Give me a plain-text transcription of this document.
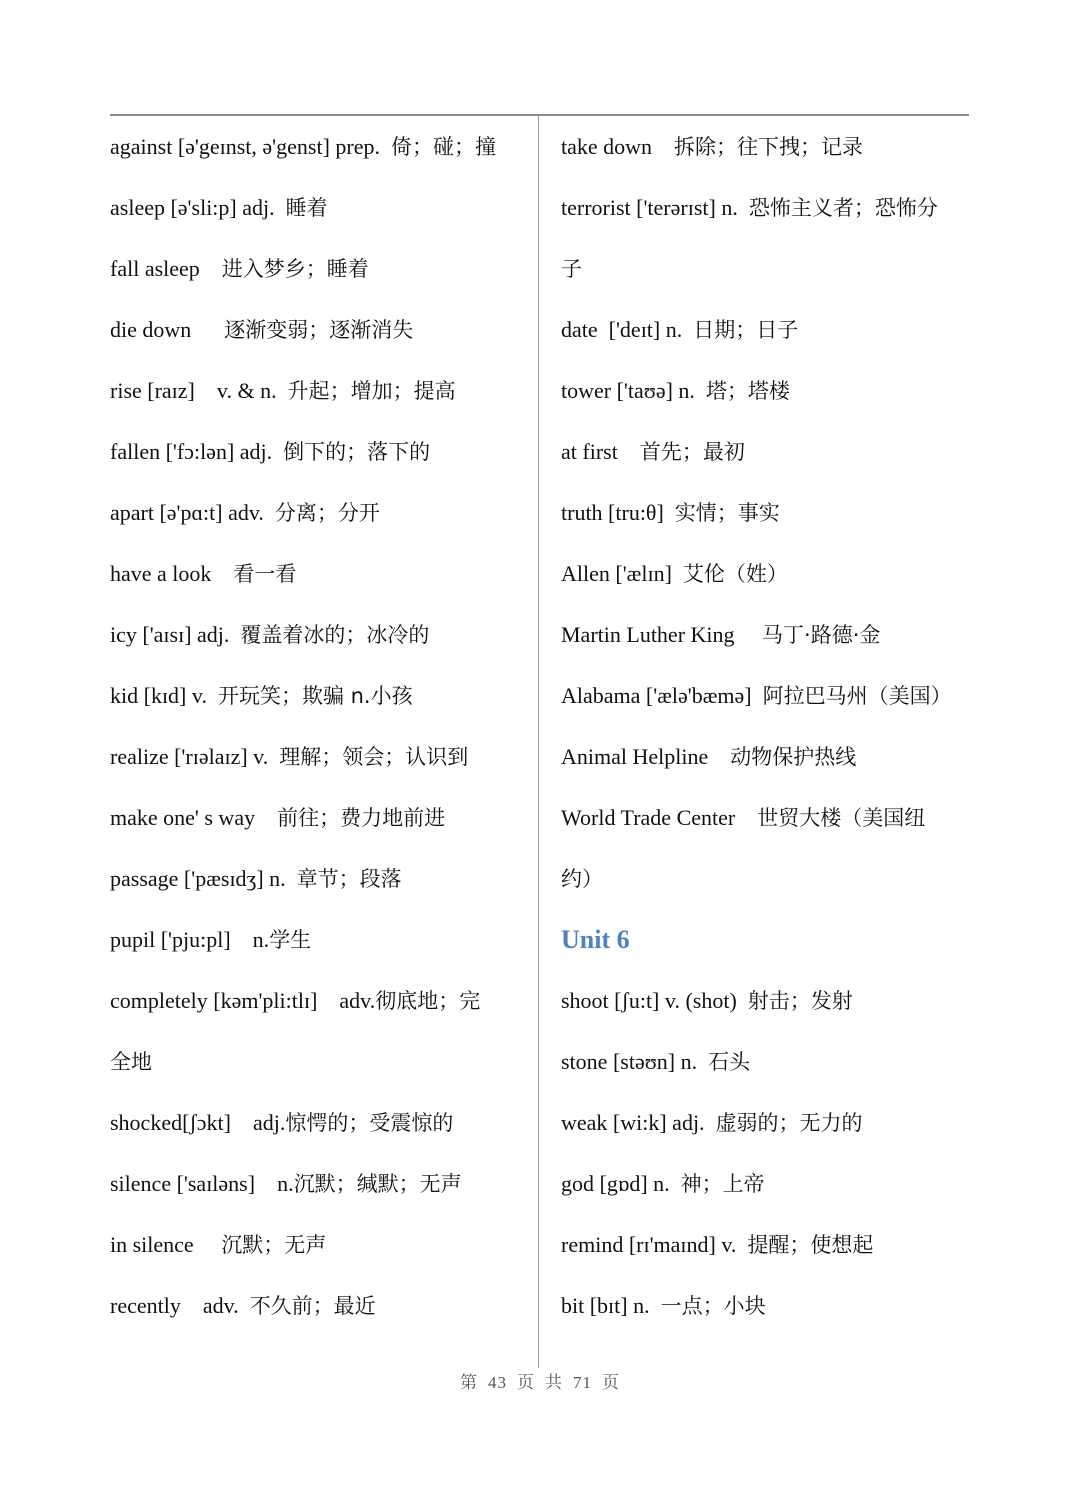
against [ə'geɪnst, ə'genst] prep.  倚；碰；撞
asleep [ə'sli:p] adj.  睡着
fall asleep    进入梦乡；睡着
die down      逐渐变弱；逐渐消失
rise [raɪz]    v. & n.  升起；增加；提高
fallen ['fɔ:lən] adj.  倒下的；落下的
apart [ə'pɑ:t] adv.  分离；分开
have a look    看一看
icy ['aɪsɪ] adj.  覆盖着冰的；冰冷的
kid [kɪd] v.  开玩笑；欺骗 n.小孩
realize ['rɪəlaɪz] v.  理解；领会；认识到
make one' s way    前往；费力地前进
passage ['pæsɪdʒ] n.  章节；段落
pupil ['pju:pl]    n.学生
completely [kəm'pli:tlɪ]    adv.彻底地；完
全地
shocked[ʃɔkt]    adj.惊愕的；受震惊的
silence ['saɪləns]    n.沉默；缄默；无声
in silence     沉默；无声
recently    adv.  不久前；最近
take down    拆除；往下拽；记录
terrorist ['terərɪst] n.  恐怖主义者；恐怖分
子
date  ['deɪt] n.  日期；日子
tower ['taʊə] n.  塔；塔楼
at first    首先；最初
truth [tru:θ]  实情；事实
Allen ['ælɪn]  艾伦（姓）
Martin Luther King     马丁·路德·金
Alabama ['ælə'bæmə]  阿拉巴马州（美国）
Animal Helpline    动物保护热线
World Trade Center    世贸大楼（美国纽
约）
Unit 6
shoot [ʃu:t] v. (shot)  射击；发射
stone [stəʊn] n.  石头
weak [wi:k] adj.  虚弱的；无力的
god [gɒd] n.  神；上帝
remind [rɪ'maɪnd] v.  提醒；使想起
bit [bɪt] n.  一点；小块
第 43 页 共 71 页
